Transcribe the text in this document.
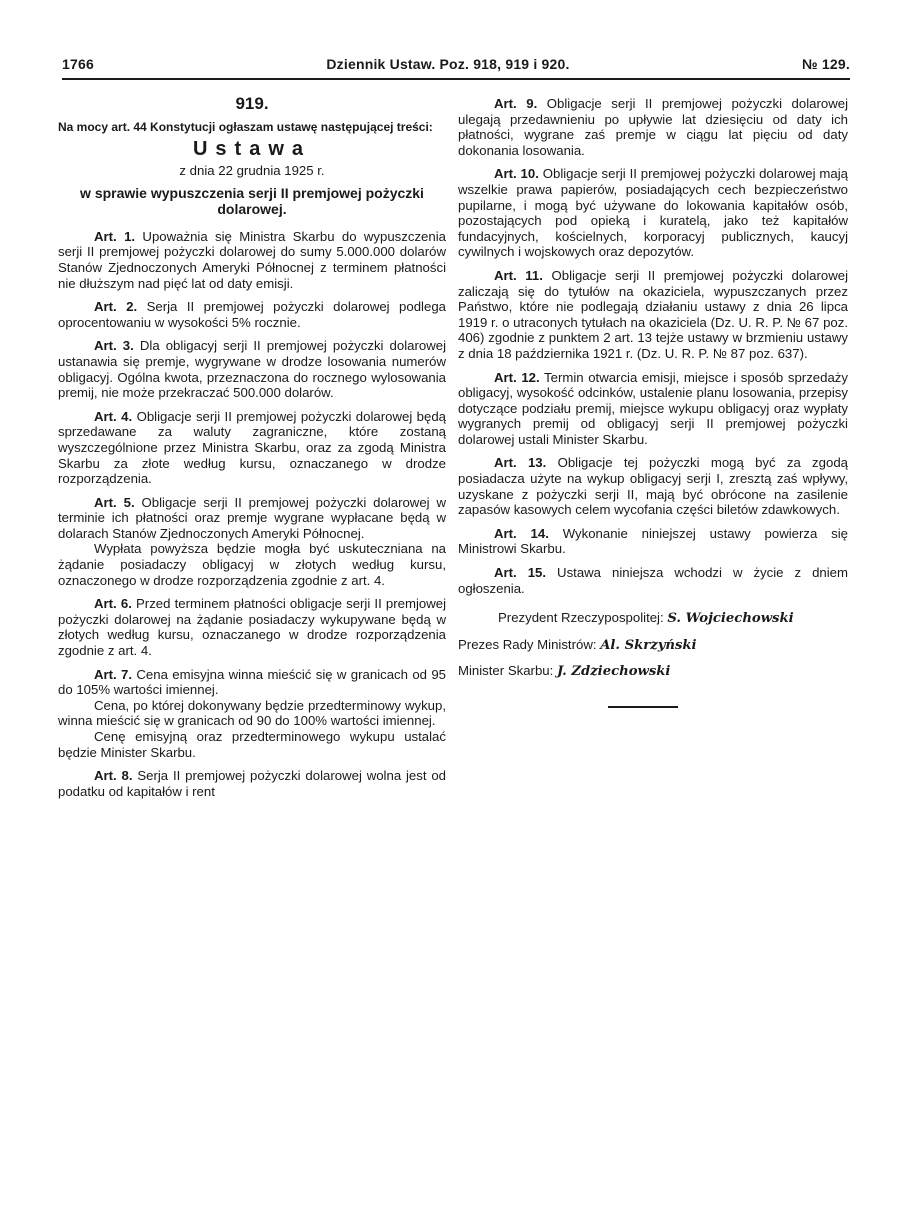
1766	Dziennik Ustaw. Poz. 918, 919 i 920.	№ 129.
919.

Na mocy art. 44 Konstytucji ogłaszam ustawę następującej treści:

Ustawa
z dnia 22 grudnia 1925 r.
w sprawie wypuszczenia serji II premjowej pożyczki dolarowej.

Art. 1. Upoważnia się Ministra Skarbu do wypuszczenia serji II premjowej pożyczki dolarowej do sumy 5.000.000 dolarów Stanów Zjednoczonych Ameryki Północnej z terminem płatności nie dłuższym nad pięć lat od daty emisji.

Art. 2. Serja II premjowej pożyczki dolarowej podlega oprocentowaniu w wysokości 5% rocznie.

Art. 3. Dla obligacyj serji II premjowej pożyczki dolarowej ustanawia się premje, wygrywane w drodze losowania numerów obligacyj. Ogólna kwota, przeznaczona do rocznego wylosowania premij, nie może przekraczać 500.000 dolarów.

Art. 4. Obligacje serji II premjowej pożyczki dolarowej będą sprzedawane za waluty zagraniczne, które zostaną wyszczególnione przez Ministra Skarbu, oraz za zgodą Ministra Skarbu za złote według kursu, oznaczanego w drodze rozporządzenia.

Art. 5. Obligacje serji II premjowej pożyczki dolarowej w terminie ich płatności oraz premje wygrane wypłacane będą w dolarach Stanów Zjednoczonych Ameryki Północnej.

Wypłata powyższa będzie mogła być uskuteczniana na żądanie posiadaczy obligacyj w złotych według kursu, oznaczonego w drodze rozporządzenia zgodnie z art. 4.

Art. 6. Przed terminem płatności obligacje serji II premjowej pożyczki dolarowej na żądanie posiadaczy wykupywane będą w złotych według kursu, oznaczanego w drodze rozporządzenia zgodnie z art. 4.

Art. 7. Cena emisyjna winna mieścić się w granicach od 95 do 105% wartości imiennej.

Cena, po której dokonywany będzie przedterminowy wykup, winna mieścić się w granicach od 90 do 100% wartości imiennej.

Cenę emisyjną oraz przedterminowego wykupu ustalać będzie Minister Skarbu.

Art. 8. Serja II premjowej pożyczki dolarowej wolna jest od podatku od kapitałów i rent

Art. 9. Obligacje serji II premjowej pożyczki dolarowej ulegają przedawnieniu po upływie lat dziesięciu od daty ich płatności, wygrane zaś premje w ciągu lat pięciu od daty dokonania losowania.

Art. 10. Obligacje serji II premjowej pożyczki dolarowej mają wszelkie prawa papierów, posiadających cech bezpieczeństwo pupilarne, i mogą być używane do lokowania kapitałów osób, pozostających pod opieką i kuratelą, jako też kapitałów fundacyjnych, kościelnych, korporacyj publicznych, kaucyj cywilnych i wojskowych oraz depozytów.

Art. 11. Obligacje serji II premjowej pożyczki dolarowej zaliczają się do tytułów na okaziciela, wypuszczanych przez Państwo, które nie podlegają działaniu ustawy z dnia 26 lipca 1919 r. o utraconych tytułach na okaziciela (Dz. U. R. P. № 67 poz. 406) zgodnie z punktem 2 art. 13 tejże ustawy w brzmieniu ustawy z dnia 18 października 1921 r. (Dz. U. R. P. № 87 poz. 637).

Art. 12. Termin otwarcia emisji, miejsce i sposób sprzedaży obligacyj, wysokość odcinków, ustalenie planu losowania, przepisy dotyczące podziału premij, miejsce wykupu obligacyj oraz wypłaty wygranych premij od obligacyj serji II premjowej pożyczki dolarowej ustali Minister Skarbu.

Art. 13. Obligacje tej pożyczki mogą być za zgodą posiadacza użyte na wykup obligacyj serji I, zresztą zaś wpływy, uzyskane z pożyczki serji II, mają być obrócone na zasilenie zapasów kasowych celem wycofania części biletów zdawkowych.

Art. 14. Wykonanie niniejszej ustawy powierza się Ministrowi Skarbu.

Art. 15. Ustawa niniejsza wchodzi w życie z dniem ogłoszenia.

Prezydent Rzeczypospolitej: S. Wojciechowski

Prezes Rady Ministrów: Al. Skrzyński

Minister Skarbu: J. Zdziechowski
